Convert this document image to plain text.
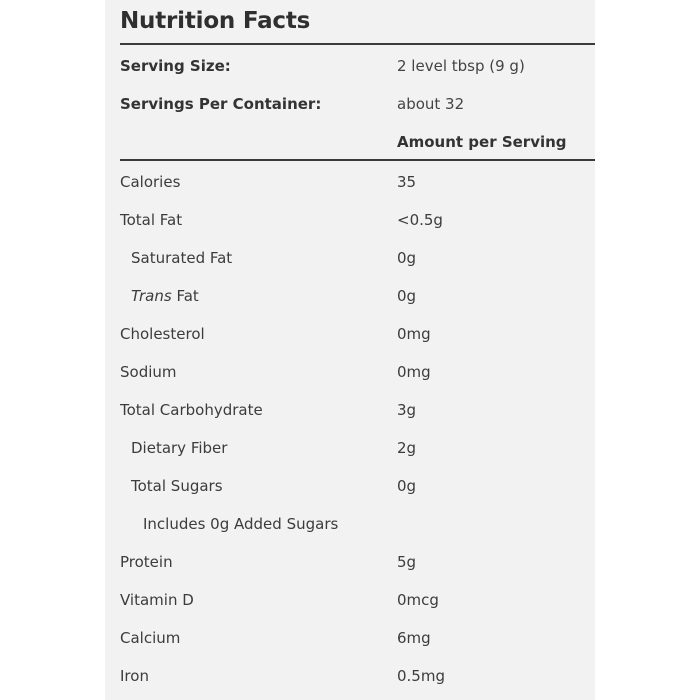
Nutrition Facts
Serving Size:	2 level tbsp (9 g)
Servings Per Container:	about 32
Amount per Serving
Calories	35
Total Fat	<0.5g
Saturated Fat	0g
Trans Fat	0g
Cholesterol	0mg
Sodium	0mg
Total Carbohydrate	3g
Dietary Fiber	2g
Total Sugars	0g
Includes 0g Added Sugars
Protein	5g
Vitamin D	0mcg
Calcium	6mg
Iron	0.5mg
